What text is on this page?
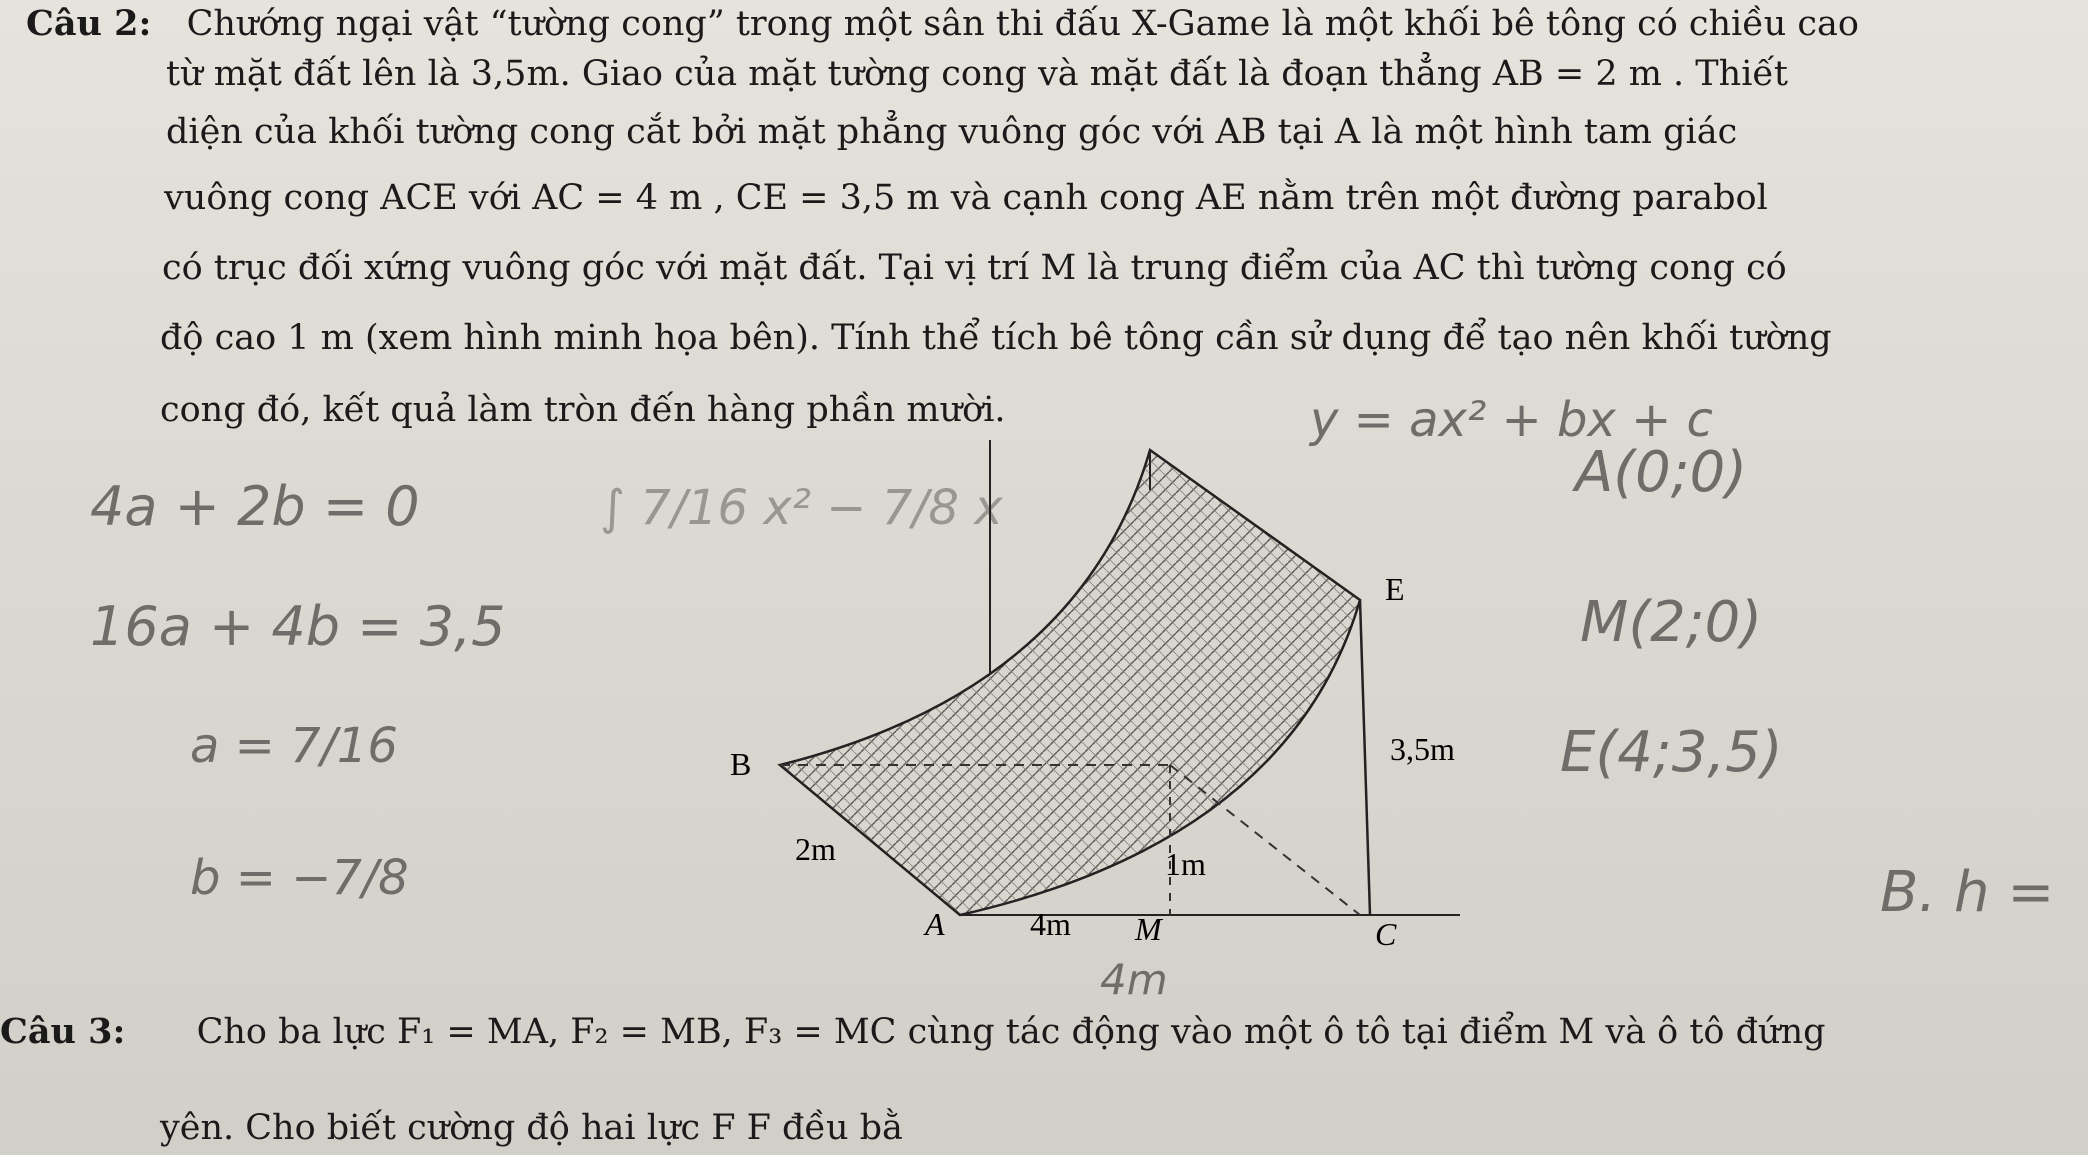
Câu 2: Chướng ngại vật “tường cong” trong một sân thi đấu X-Game là một khối bê tông có chiều cao
từ mặt đất lên là 3,5m. Giao của mặt tường cong và mặt đất là đoạn thẳng AB = 2 m . Thiết
diện của khối tường cong cắt bởi mặt phẳng vuông góc với AB tại A là một hình tam giác
vuông cong ACE với AC = 4 m , CE = 3,5 m và cạnh cong AE nằm trên một đường parabol
có trục đối xứng vuông góc với mặt đất. Tại vị trí M là trung điểm của AC thì tường cong có
độ cao 1 m (xem hình minh họa bên). Tính thể tích bê tông cần sử dụng để tạo nên khối tường
cong đó, kết quả làm tròn đến hàng phần mười.
4a + 2b = 0
16a + 4b = 3,5
a = 7/16
b = −7/8
∫ 7/16 x² − 7/8 x
y = ax² + bx + c
A(0;0)
M(2;0)
E(4;3,5)
B. h =
4m
B
E
3,5m
2m	1m
A	4m M	C
Câu 3: Cho ba lực F₁ = MA, F₂ = MB, F₃ = MC cùng tác động vào một ô tô tại điểm M và ô tô đứng
yên. Cho biết cường độ hai lực F F đều bằ
